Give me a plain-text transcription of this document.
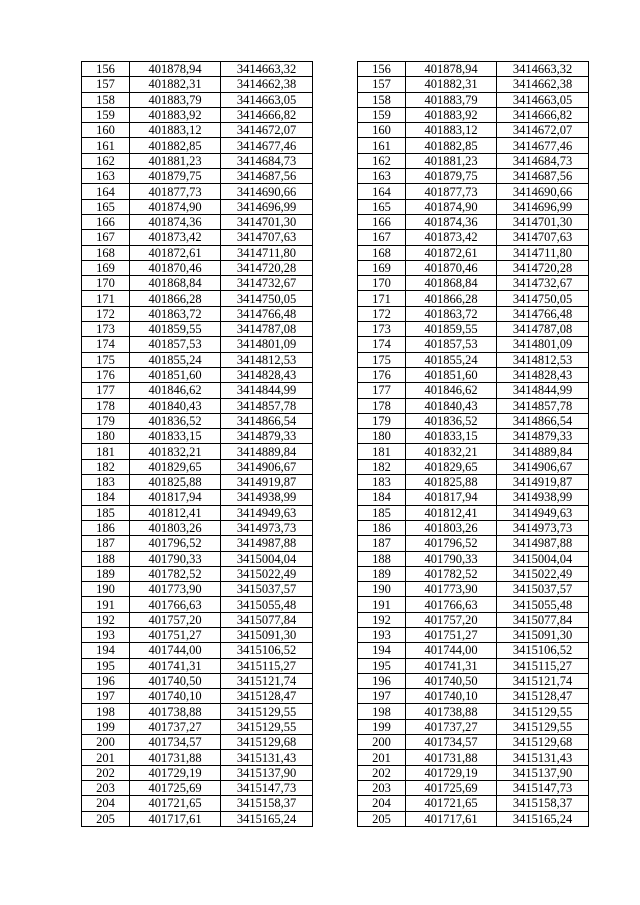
156	401878,94	3414663,32
157	401882,31	3414662,38
158	401883,79	3414663,05
159	401883,92	3414666,82
160	401883,12	3414672,07
161	401882,85	3414677,46
162	401881,23	3414684,73
163	401879,75	3414687,56
164	401877,73	3414690,66
165	401874,90	3414696,99
166	401874,36	3414701,30
167	401873,42	3414707,63
168	401872,61	3414711,80
169	401870,46	3414720,28
170	401868,84	3414732,67
171	401866,28	3414750,05
172	401863,72	3414766,48
173	401859,55	3414787,08
174	401857,53	3414801,09
175	401855,24	3414812,53
176	401851,60	3414828,43
177	401846,62	3414844,99
178	401840,43	3414857,78
179	401836,52	3414866,54
180	401833,15	3414879,33
181	401832,21	3414889,84
182	401829,65	3414906,67
183	401825,88	3414919,87
184	401817,94	3414938,99
185	401812,41	3414949,63
186	401803,26	3414973,73
187	401796,52	3414987,88
188	401790,33	3415004,04
189	401782,52	3415022,49
190	401773,90	3415037,57
191	401766,63	3415055,48
192	401757,20	3415077,84
193	401751,27	3415091,30
194	401744,00	3415106,52
195	401741,31	3415115,27
196	401740,50	3415121,74
197	401740,10	3415128,47
198	401738,88	3415129,55
199	401737,27	3415129,55
200	401734,57	3415129,68
201	401731,88	3415131,43
202	401729,19	3415137,90
203	401725,69	3415147,73
204	401721,65	3415158,37
205	401717,61	3415165,24
156	401878,94	3414663,32
157	401882,31	3414662,38
158	401883,79	3414663,05
159	401883,92	3414666,82
160	401883,12	3414672,07
161	401882,85	3414677,46
162	401881,23	3414684,73
163	401879,75	3414687,56
164	401877,73	3414690,66
165	401874,90	3414696,99
166	401874,36	3414701,30
167	401873,42	3414707,63
168	401872,61	3414711,80
169	401870,46	3414720,28
170	401868,84	3414732,67
171	401866,28	3414750,05
172	401863,72	3414766,48
173	401859,55	3414787,08
174	401857,53	3414801,09
175	401855,24	3414812,53
176	401851,60	3414828,43
177	401846,62	3414844,99
178	401840,43	3414857,78
179	401836,52	3414866,54
180	401833,15	3414879,33
181	401832,21	3414889,84
182	401829,65	3414906,67
183	401825,88	3414919,87
184	401817,94	3414938,99
185	401812,41	3414949,63
186	401803,26	3414973,73
187	401796,52	3414987,88
188	401790,33	3415004,04
189	401782,52	3415022,49
190	401773,90	3415037,57
191	401766,63	3415055,48
192	401757,20	3415077,84
193	401751,27	3415091,30
194	401744,00	3415106,52
195	401741,31	3415115,27
196	401740,50	3415121,74
197	401740,10	3415128,47
198	401738,88	3415129,55
199	401737,27	3415129,55
200	401734,57	3415129,68
201	401731,88	3415131,43
202	401729,19	3415137,90
203	401725,69	3415147,73
204	401721,65	3415158,37
205	401717,61	3415165,24
